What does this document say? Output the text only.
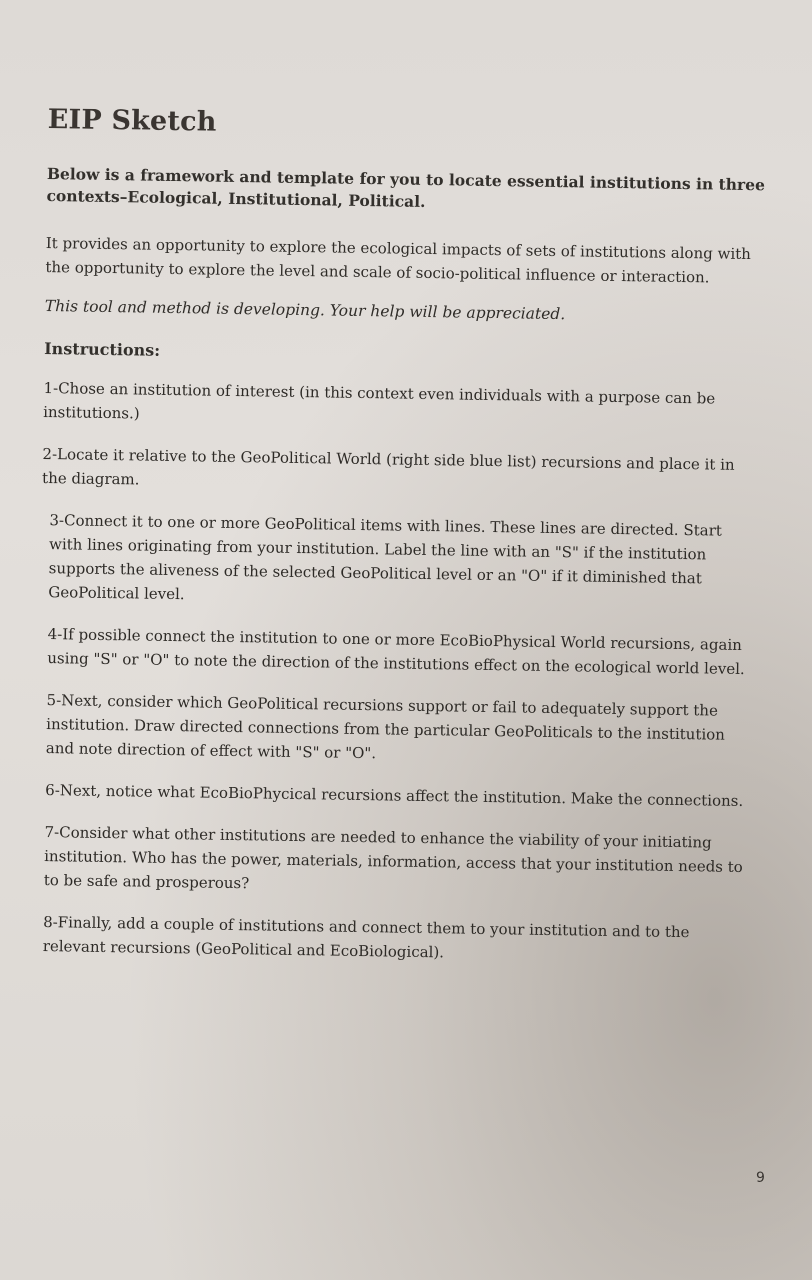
EIP Sketch

Below is a framework and template for you to locate essential institutions in three contexts–Ecological, Institutional, Political.

It provides an opportunity to explore the ecological impacts of sets of institutions along with the opportunity to explore the level and scale of socio-political influence or interaction.

This tool and method is developing. Your help will be appreciated.

Instructions:

1-Chose an institution of interest (in this context even individuals with a purpose can be institutions.)

2-Locate it relative to the GeoPolitical World (right side blue list) recursions and place it in the diagram.

3-Connect it to one or more GeoPolitical items with lines. These lines are directed. Start with lines originating from your institution. Label the line with an "S" if the institution supports the aliveness of the selected GeoPolitical level or an "O" if it diminished that GeoPolitical level.

4-If possible connect the institution to one or more EcoBioPhysical World recursions, again using "S" or "O" to note the direction of the institutions effect on the ecological world level.

5-Next, consider which GeoPolitical recursions support or fail to adequately support the institution. Draw directed connections from the particular GeoPoliticals to the institution and note direction of effect with "S" or "O".

6-Next, notice what EcoBioPhycical recursions affect the institution. Make the connections.

7-Consider what other institutions are needed to enhance the viability of your initiating institution. Who has the power, materials, information, access that your institution needs to to be safe and prosperous?

8-Finally, add a couple of institutions and connect them to your institution and to the relevant recursions (GeoPolitical and EcoBiological).

9
